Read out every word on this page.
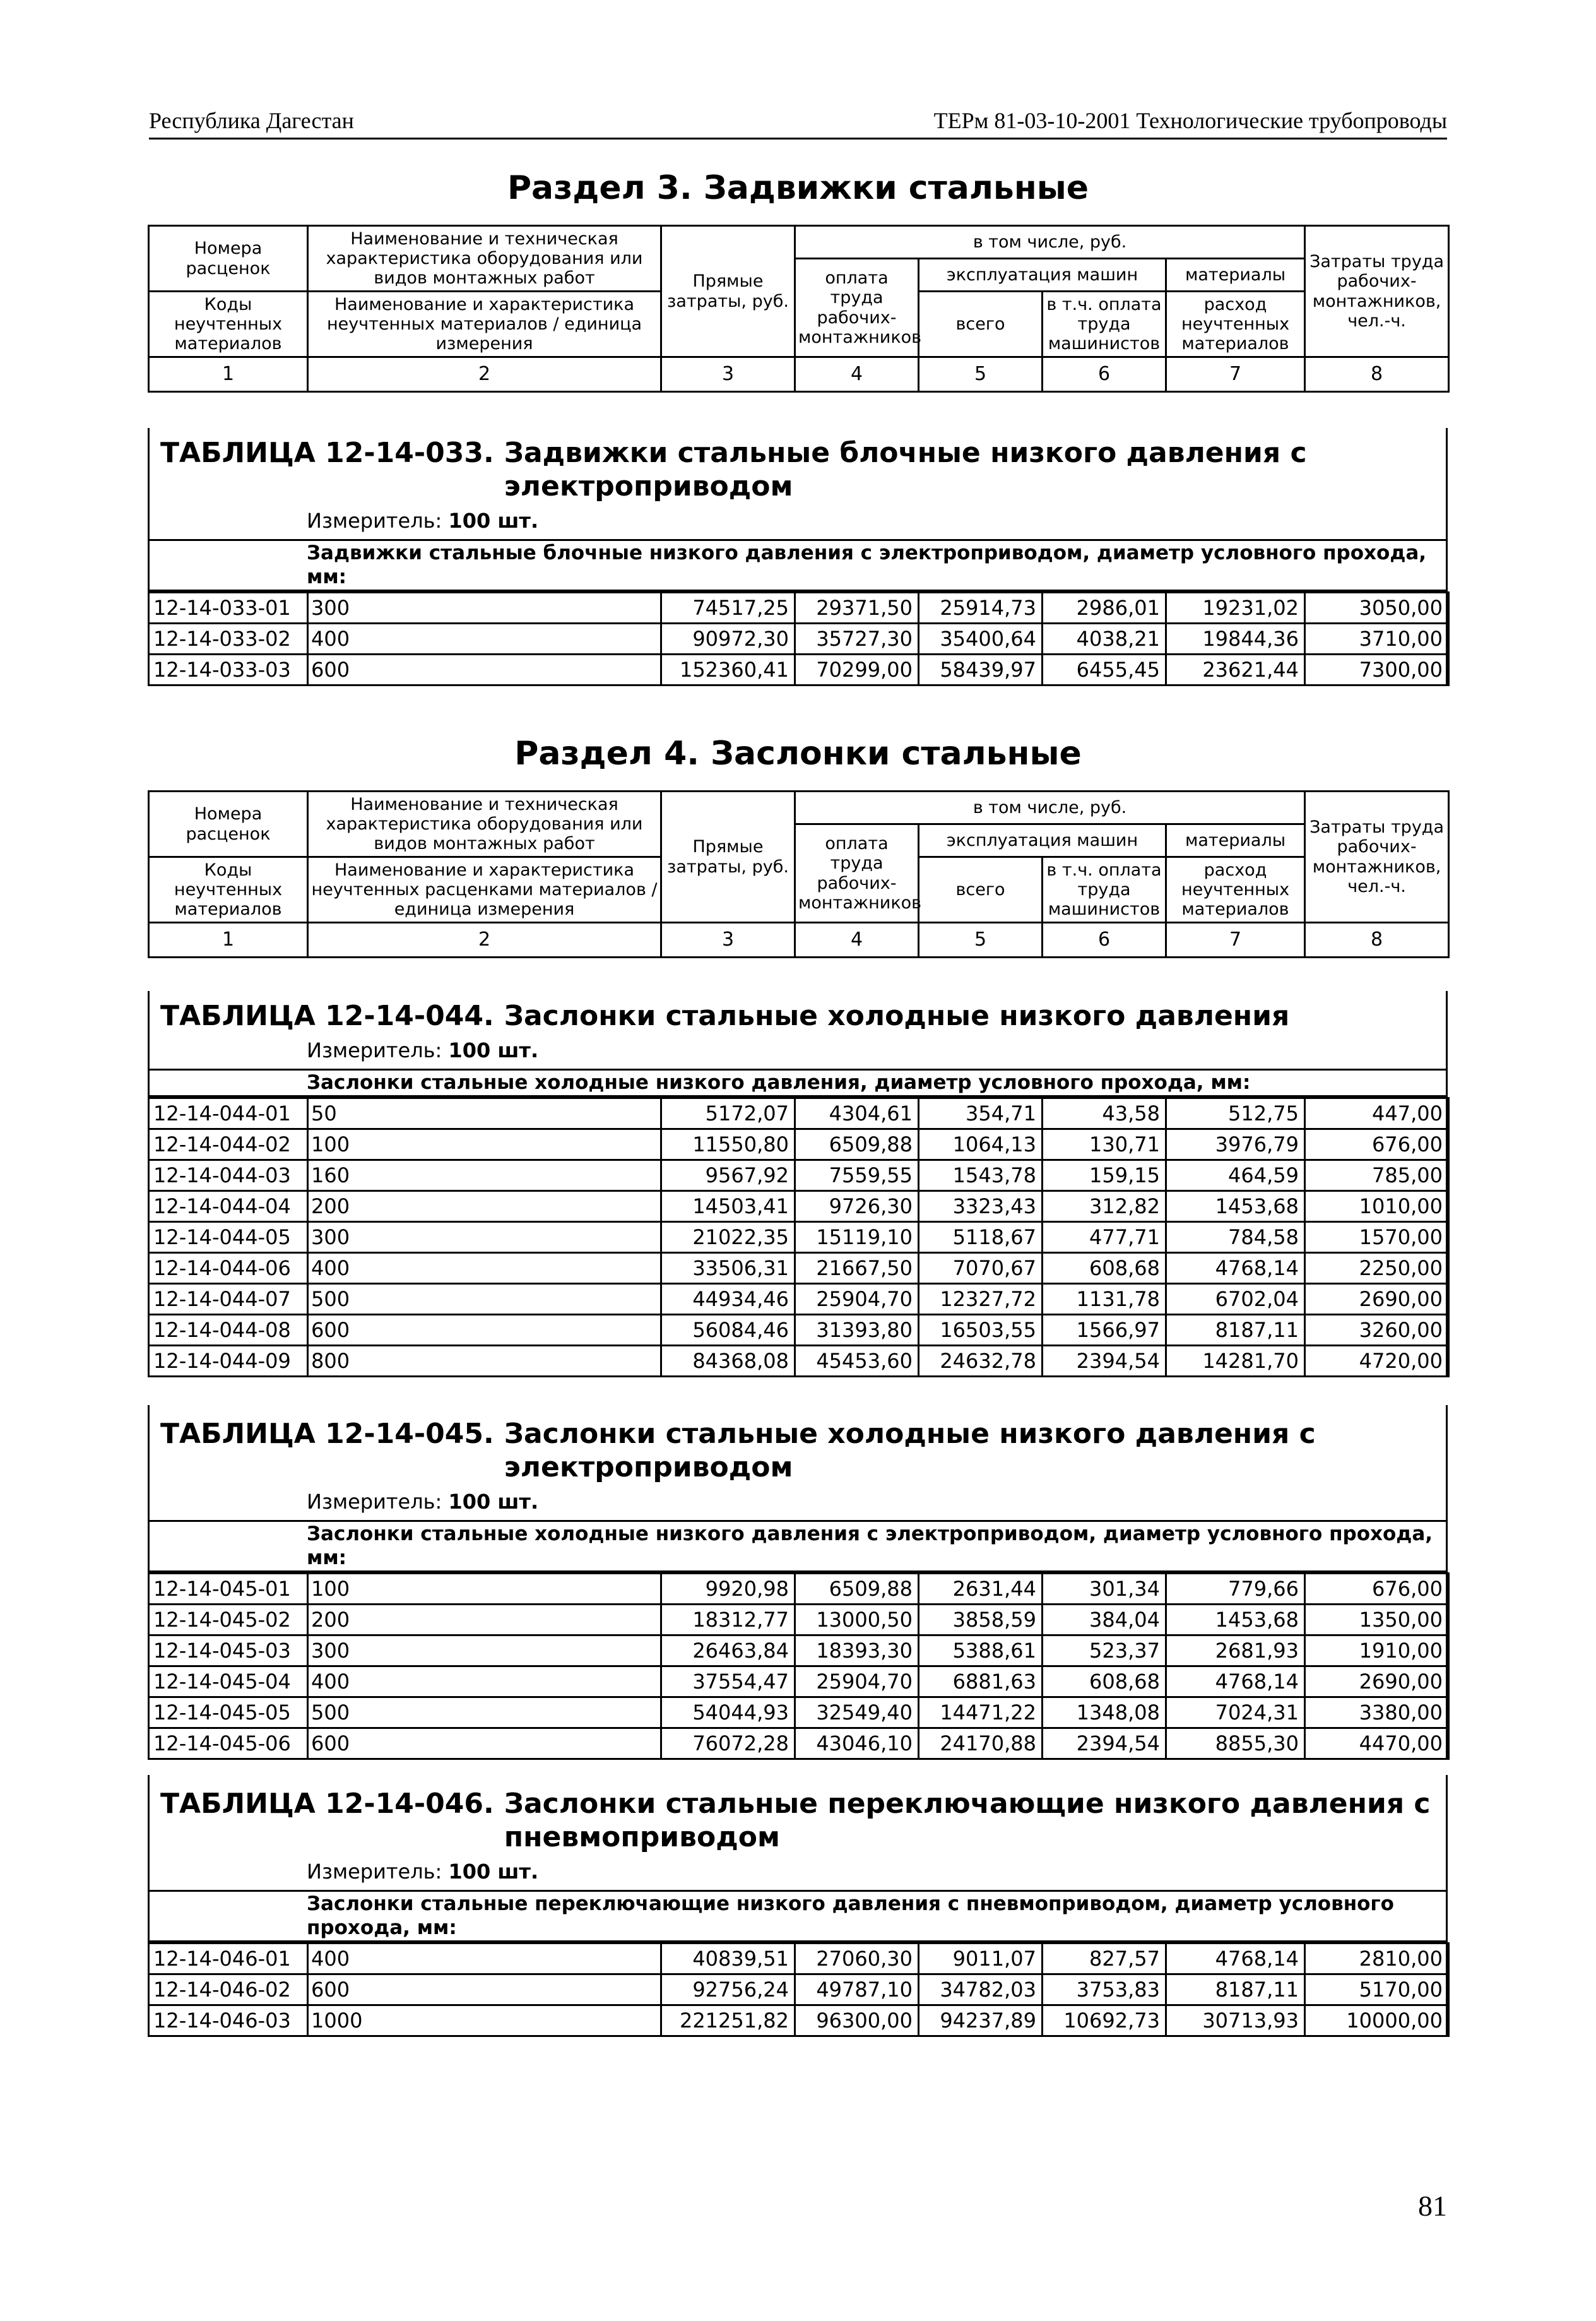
Республика Дагестан	ТЕРм 81-03-10-2001 Технологические трубопроводы
Раздел 3. Задвижки стальные
Номера расценок	Наименование и техническая характеристика оборудования или видов монтажных работ	Прямые затраты, руб.	в том числе, руб.				Затраты труда рабочих-монтажников, чел.-ч.
			оплата труда рабочих-монтажников	эксплуатация машин		материалы	
Коды неучтенных материалов	Наименование и характеристика неучтенных материалов / единица измерения			всего	в т.ч. оплата труда машинистов	расход неучтенных материалов	

1	2	3	4	5	6	7	8
ТАБЛИЦА 12-14-033. Задвижки стальные блочные низкого давления с электроприводом
Измеритель: 100 шт.
Задвижки стальные блочные низкого давления с электроприводом, диаметр условного прохода, мм:
12-14-033-01	300	74517,25	29371,50	25914,73	2986,01	19231,02	3050,00
12-14-033-02	400	90972,30	35727,30	35400,64	4038,21	19844,36	3710,00
12-14-033-03	600	152360,41	70299,00	58439,97	6455,45	23621,44	7300,00
Раздел 4. Заслонки стальные
Номера расценок	Наименование и техническая характеристика оборудования или видов монтажных работ	Прямые затраты, руб.	в том числе, руб.				Затраты труда рабочих-монтажников, чел.-ч.
			оплата труда рабочих-монтажников	эксплуатация машин		материалы	
Коды неучтенных материалов	Наименование и характеристика неучтенных расценками материалов / единица измерения			всего	в т.ч. оплата труда машинистов	расход неучтенных материалов	

1	2	3	4	5	6	7	8
ТАБЛИЦА 12-14-044. Заслонки стальные холодные низкого давления
Измеритель: 100 шт.
Заслонки стальные холодные низкого давления, диаметр условного прохода, мм:
12-14-044-01	50	5172,07	4304,61	354,71	43,58	512,75	447,00
12-14-044-02	100	11550,80	6509,88	1064,13	130,71	3976,79	676,00
12-14-044-03	160	9567,92	7559,55	1543,78	159,15	464,59	785,00
12-14-044-04	200	14503,41	9726,30	3323,43	312,82	1453,68	1010,00
12-14-044-05	300	21022,35	15119,10	5118,67	477,71	784,58	1570,00
12-14-044-06	400	33506,31	21667,50	7070,67	608,68	4768,14	2250,00
12-14-044-07	500	44934,46	25904,70	12327,72	1131,78	6702,04	2690,00
12-14-044-08	600	56084,46	31393,80	16503,55	1566,97	8187,11	3260,00
12-14-044-09	800	84368,08	45453,60	24632,78	2394,54	14281,70	4720,00
ТАБЛИЦА 12-14-045. Заслонки стальные холодные низкого давления с электроприводом
Измеритель: 100 шт.
Заслонки стальные холодные низкого давления с электроприводом, диаметр условного прохода, мм:
12-14-045-01	100	9920,98	6509,88	2631,44	301,34	779,66	676,00
12-14-045-02	200	18312,77	13000,50	3858,59	384,04	1453,68	1350,00
12-14-045-03	300	26463,84	18393,30	5388,61	523,37	2681,93	1910,00
12-14-045-04	400	37554,47	25904,70	6881,63	608,68	4768,14	2690,00
12-14-045-05	500	54044,93	32549,40	14471,22	1348,08	7024,31	3380,00
12-14-045-06	600	76072,28	43046,10	24170,88	2394,54	8855,30	4470,00
ТАБЛИЦА 12-14-046. Заслонки стальные переключающие низкого давления с пневмоприводом
Измеритель: 100 шт.
Заслонки стальные переключающие низкого давления с пневмоприводом, диаметр условного прохода, мм:
12-14-046-01	400	40839,51	27060,30	9011,07	827,57	4768,14	2810,00
12-14-046-02	600	92756,24	49787,10	34782,03	3753,83	8187,11	5170,00
12-14-046-03	1000	221251,82	96300,00	94237,89	10692,73	30713,93	10000,00
81
